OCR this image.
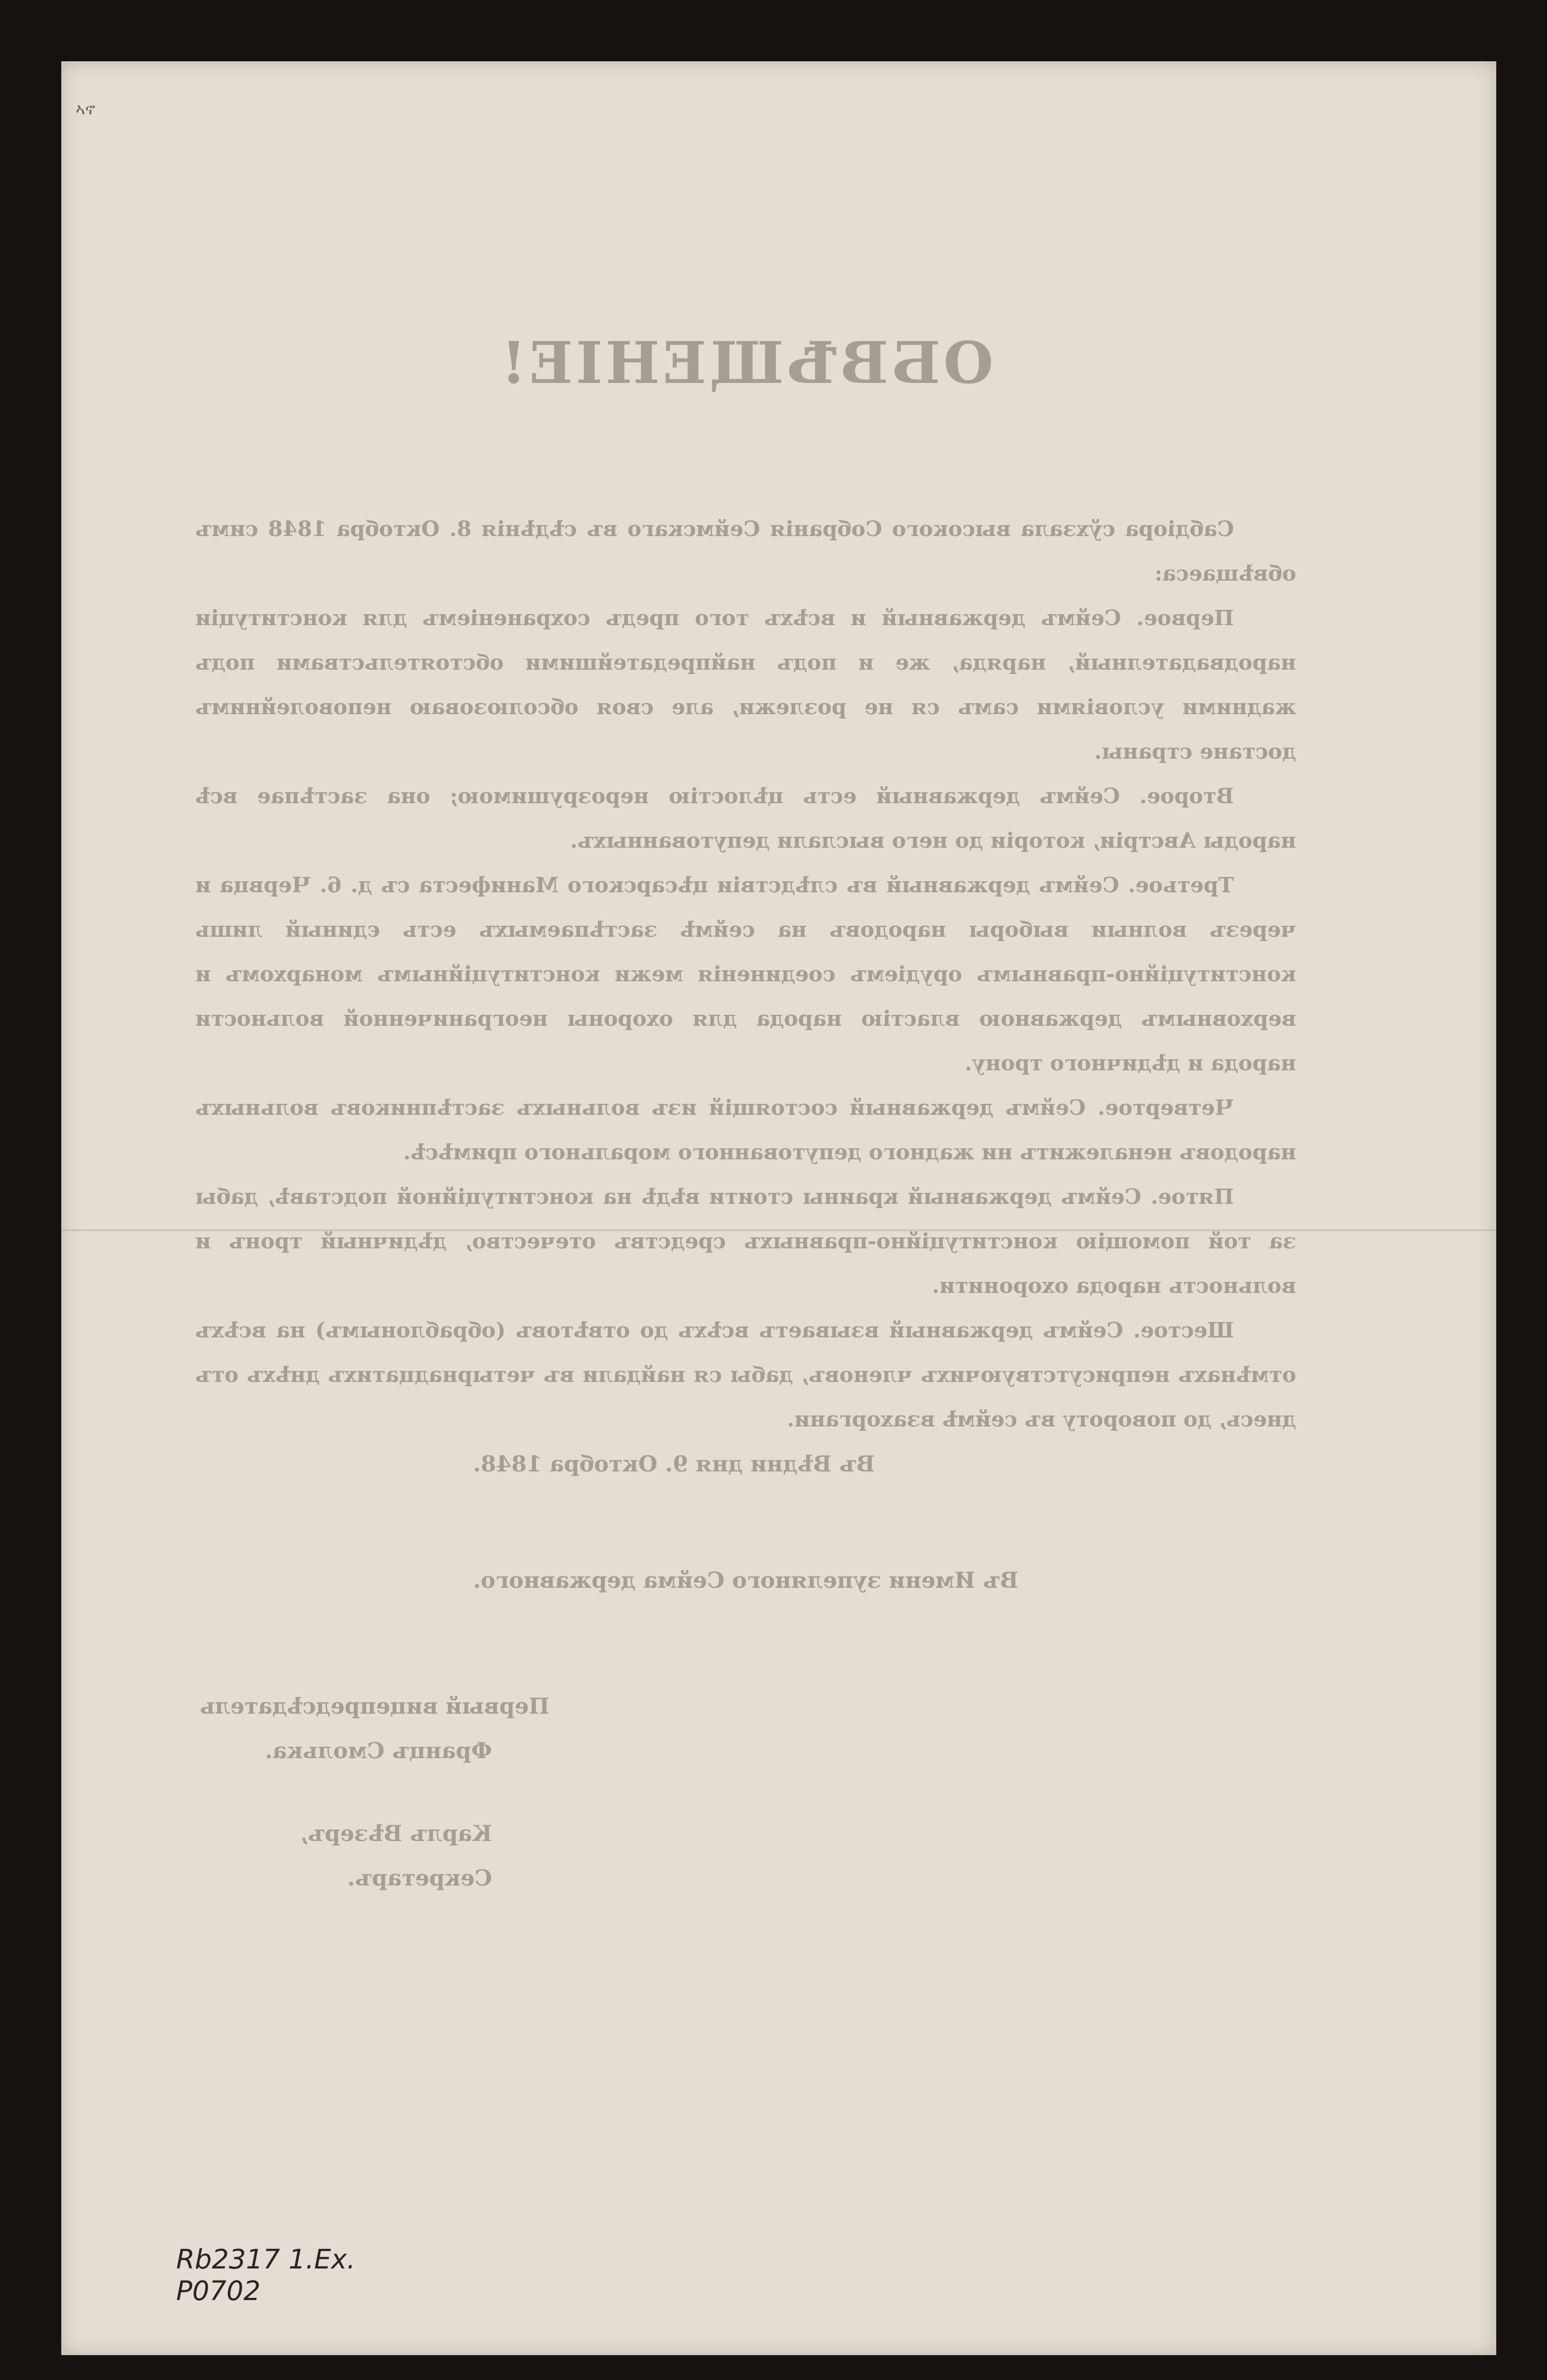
ኣኖ
ОБВѢЩЕНІЕ!

Сабдіора сўхзала высокого Собранія Сеймскаго въ сѣдѣнія 8. Октобра 1848 симъ обвѣщаеса:

Первое. Сеймъ державный и всѣхъ того предъ сохраненіемъ для конституціи народвадателный, наряда, же и подъ найпредатейшими обстоятельствами подъ жадними условіями самъ ся не розлежи, але своя обсолюзоваю неповолейнимъ достане страны.

Второе. Сеймъ державный есть цѣлостію нерозрушимою; она застѣпае всѣ народы Австріи, которіи до него выслали депутованныхъ.

Третьое. Сеймъ державный въ слѣдствіи цѣсарского Манифеста съ д. 6. Червца и черезъ волныи выборы народовъ на сеймѣ застѣпаемыхъ есть єдиный лишь конституційно-правнымъ орудіемъ соединенія межи конституційнымъ монархомъ и верховнымъ державною властію народа для охороны неограниченной вольности народа и дѣдичного трону.

Четвертое. Сеймъ державный состоящій изъ вольныхъ застѣпниковъ вольныхъ народовъ неналежитъ ни жадного депутованного морального примѣсѣ.

Пятое. Сеймъ державный краины стоити вѣдѣ на конституційной подставѣ, дабы за той помощію конституційно-правныхъ средствъ отечество, дѣдичный тронъ и вольность народа охоронити.

Шестое. Сеймъ державный взываетъ всѣхъ до отвѣтовъ (обраблонымъ) на всѣхъ отмѣнахъ неприсутствуючихъ членовъ, дабы ся найдали въ четырнадцатихъ днѣхъ отъ днесь, до повороту въ сеймѣ взахоргани.

Въ Вѣдни дня 9. Октобра 1848.

Въ Имени зупеляного Сейма державного.

Первый вицепредсѣдатель

Францъ Смолька.

Карлъ Вѣзеръ,

Секретаръ.

Rb2317 1.Ex.
P0702
